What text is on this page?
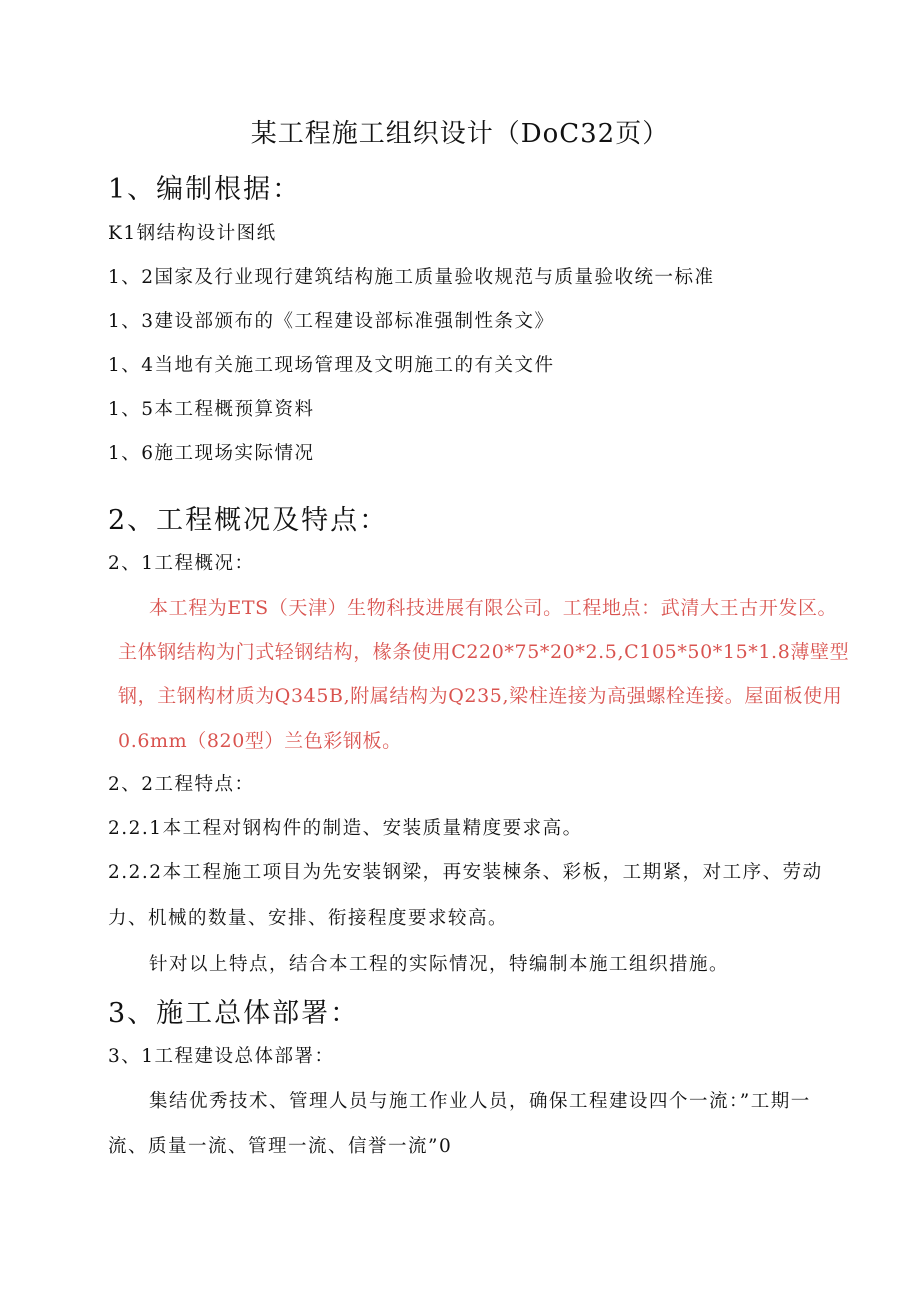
某工程施工组织设计（DoC32页）
1、编制根据：
K1钢结构设计图纸
1、2国家及行业现行建筑结构施工质量验收规范与质量验收统一标准
1、3建设部颁布的《工程建设部标准强制性条文》
1、4当地有关施工现场管理及文明施工的有关文件
1、5本工程概预算资料
1、6施工现场实际情况
2、工程概况及特点：
2、1工程概况：
本工程为ETS（天津）生物科技进展有限公司。工程地点：武清大王古开发区。
主体钢结构为门式轻钢结构，椽条使用C220*75*20*2.5,C105*50*15*1.8薄壁型
钢，主钢构材质为Q345B,附属结构为Q235,梁柱连接为高强螺栓连接。屋面板使用
0.6mm（820型）兰色彩钢板。
2、2工程特点：
2.2.1本工程对钢构件的制造、安装质量精度要求高。
2.2.2本工程施工项目为先安装钢梁，再安装楝条、彩板，工期紧，对工序、劳动
力、机械的数量、安排、衔接程度要求较高。
针对以上特点，结合本工程的实际情况，特编制本施工组织措施。
3、施工总体部署：
3、1工程建设总体部署：
集结优秀技术、管理人员与施工作业人员，确保工程建设四个一流：”工期一
流、质量一流、管理一流、信誉一流”0
